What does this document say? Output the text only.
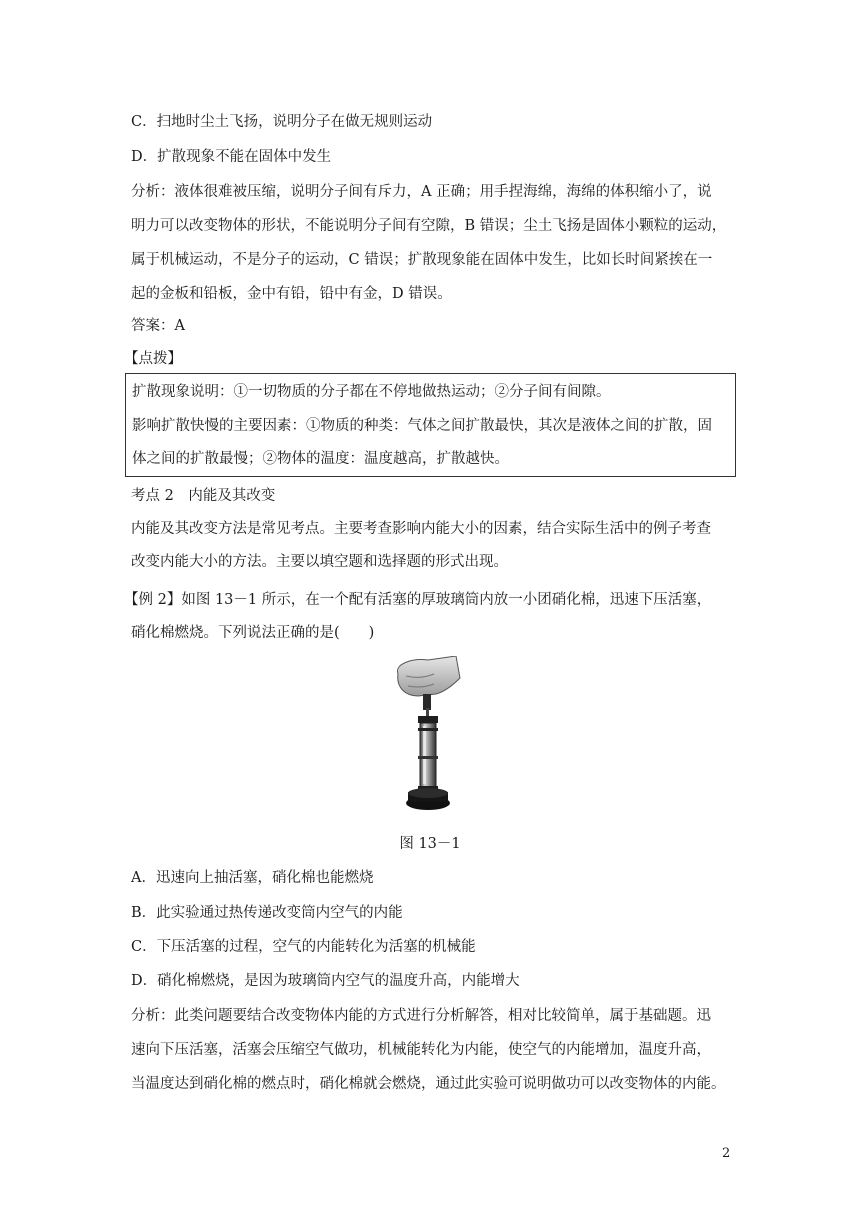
C．扫地时尘土飞扬，说明分子在做无规则运动
D．扩散现象不能在固体中发生
分析：液体很难被压缩，说明分子间有斥力，A 正确；用手捏海绵，海绵的体积缩小了，说
明力可以改变物体的形状，不能说明分子间有空隙，B 错误；尘土飞扬是固体小颗粒的运动，
属于机械运动，不是分子的运动，C 错误；扩散现象能在固体中发生，比如长时间紧挨在一
起的金板和铅板，金中有铅，铅中有金，D 错误。
答案：A
【点拨】
扩散现象说明：①一切物质的分子都在不停地做热运动；②分子间有间隙。
影响扩散快慢的主要因素：①物质的种类：气体之间扩散最快，其次是液体之间的扩散，固
体之间的扩散最慢；②物体的温度：温度越高，扩散越快。
考点 2　内能及其改变
内能及其改变方法是常见考点。主要考查影响内能大小的因素，结合实际生活中的例子考查
改变内能大小的方法。主要以填空题和选择题的形式出现。
【例 2】如图 13－1 所示，在一个配有活塞的厚玻璃筒内放一小团硝化棉，迅速下压活塞，
硝化棉燃烧。下列说法正确的是(　　)
图 13－1
A．迅速向上抽活塞，硝化棉也能燃烧
B．此实验通过热传递改变筒内空气的内能
C．下压活塞的过程，空气的内能转化为活塞的机械能
D．硝化棉燃烧，是因为玻璃筒内空气的温度升高，内能增大
分析：此类问题要结合改变物体内能的方式进行分析解答，相对比较简单，属于基础题。迅
速向下压活塞，活塞会压缩空气做功，机械能转化为内能，使空气的内能增加，温度升高，
当温度达到硝化棉的燃点时，硝化棉就会燃烧，通过此实验可说明做功可以改变物体的内能。
2
